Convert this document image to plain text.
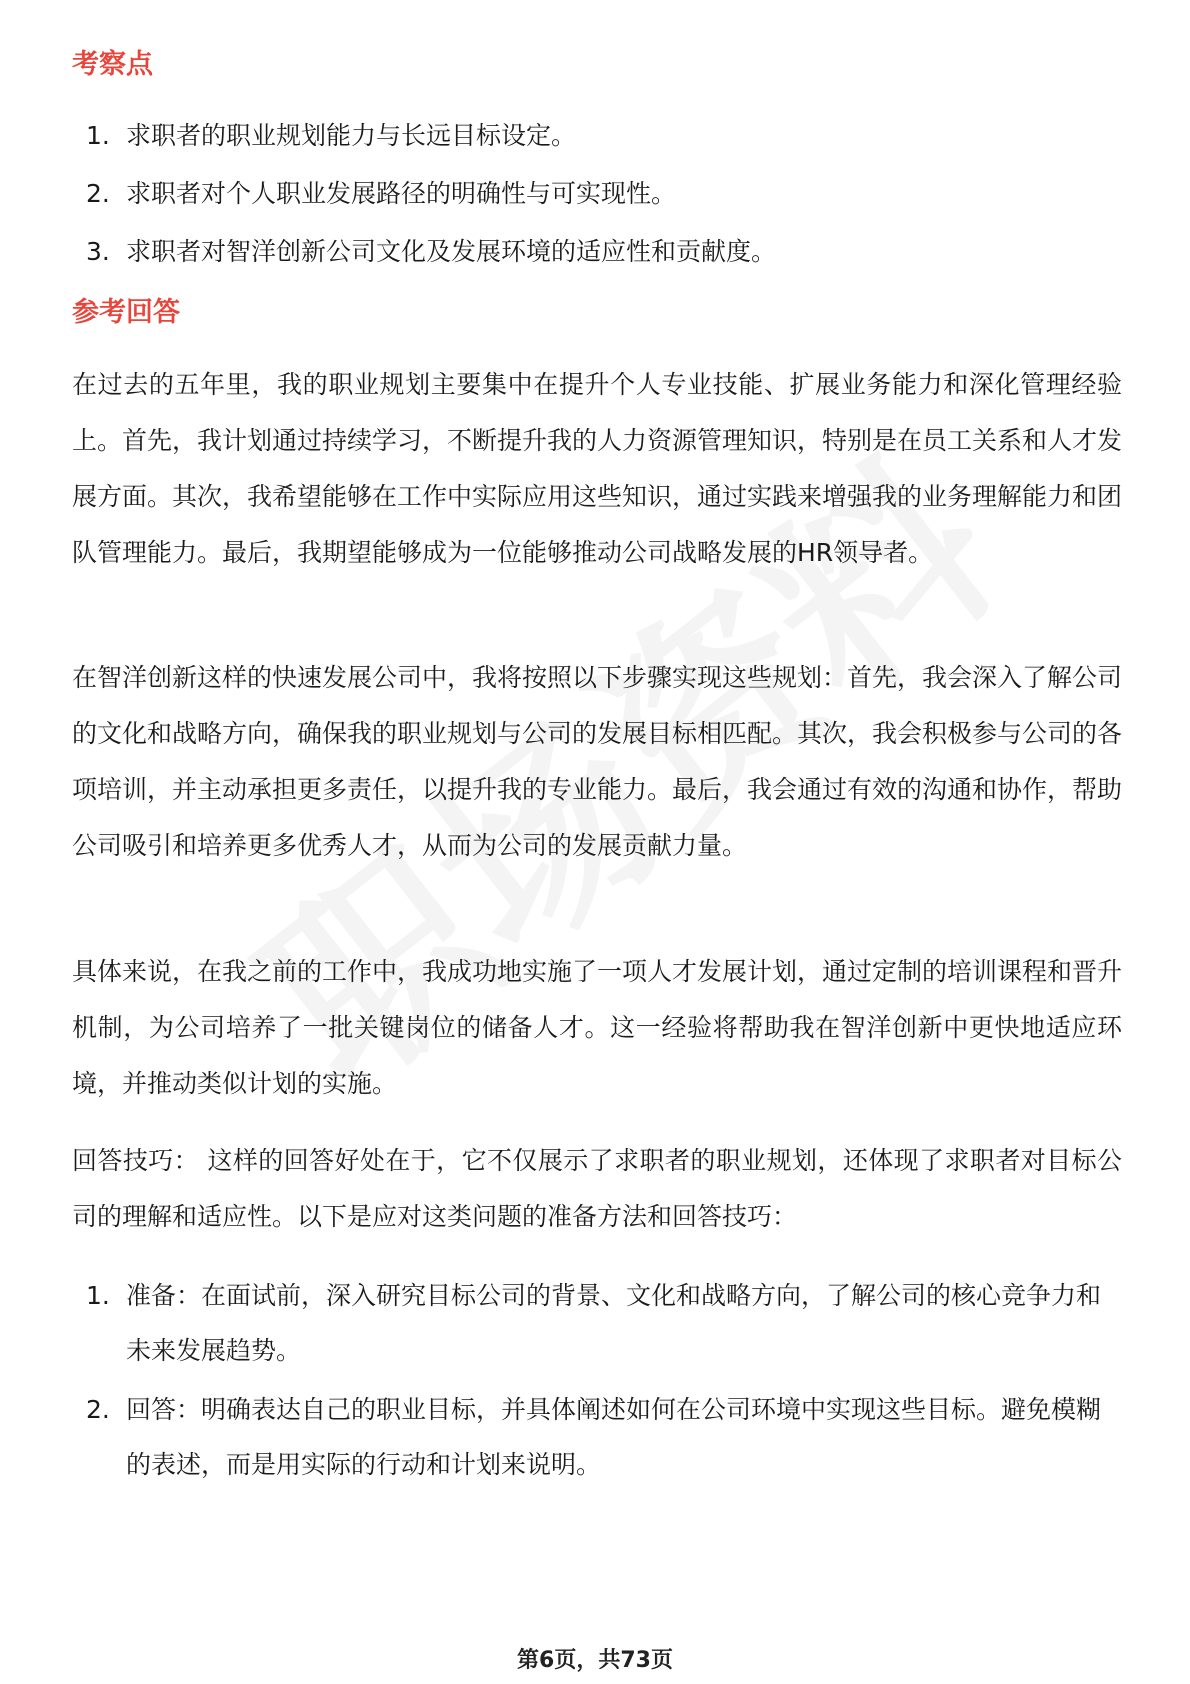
考察点
1. 求职者的职业规划能力与长远目标设定。
2. 求职者对个人职业发展路径的明确性与可实现性。
3. 求职者对智洋创新公司文化及发展环境的适应性和贡献度。
参考回答

在过去的五年里，我的职业规划主要集中在提升个人专业技能、扩展业务能力和深化管理经验上。首先，我计划通过持续学习，不断提升我的人力资源管理知识，特别是在员工关系和人才发展方面。其次，我希望能够在工作中实际应用这些知识，通过实践来增强我的业务理解能力和团队管理能力。最后，我期望能够成为一位能够推动公司战略发展的HR领导者。

在智洋创新这样的快速发展公司中，我将按照以下步骤实现这些规划：首先，我会深入了解公司的文化和战略方向，确保我的职业规划与公司的发展目标相匹配。其次，我会积极参与公司的各项培训，并主动承担更多责任，以提升我的专业能力。最后，我会通过有效的沟通和协作，帮助公司吸引和培养更多优秀人才，从而为公司的发展贡献力量。

具体来说，在我之前的工作中，我成功地实施了一项人才发展计划，通过定制的培训课程和晋升机制，为公司培养了一批关键岗位的储备人才。这一经验将帮助我在智洋创新中更快地适应环境，并推动类似计划的实施。

回答技巧： 这样的回答好处在于，它不仅展示了求职者的职业规划，还体现了求职者对目标公司的理解和适应性。以下是应对这类问题的准备方法和回答技巧：

1. 准备：在面试前，深入研究目标公司的背景、文化和战略方向，了解公司的核心竞争力和未来发展趋势。
2. 回答：明确表达自己的职业目标，并具体阐述如何在公司环境中实现这些目标。避免模糊的表述，而是用实际的行动和计划来说明。
第6页，共73页
